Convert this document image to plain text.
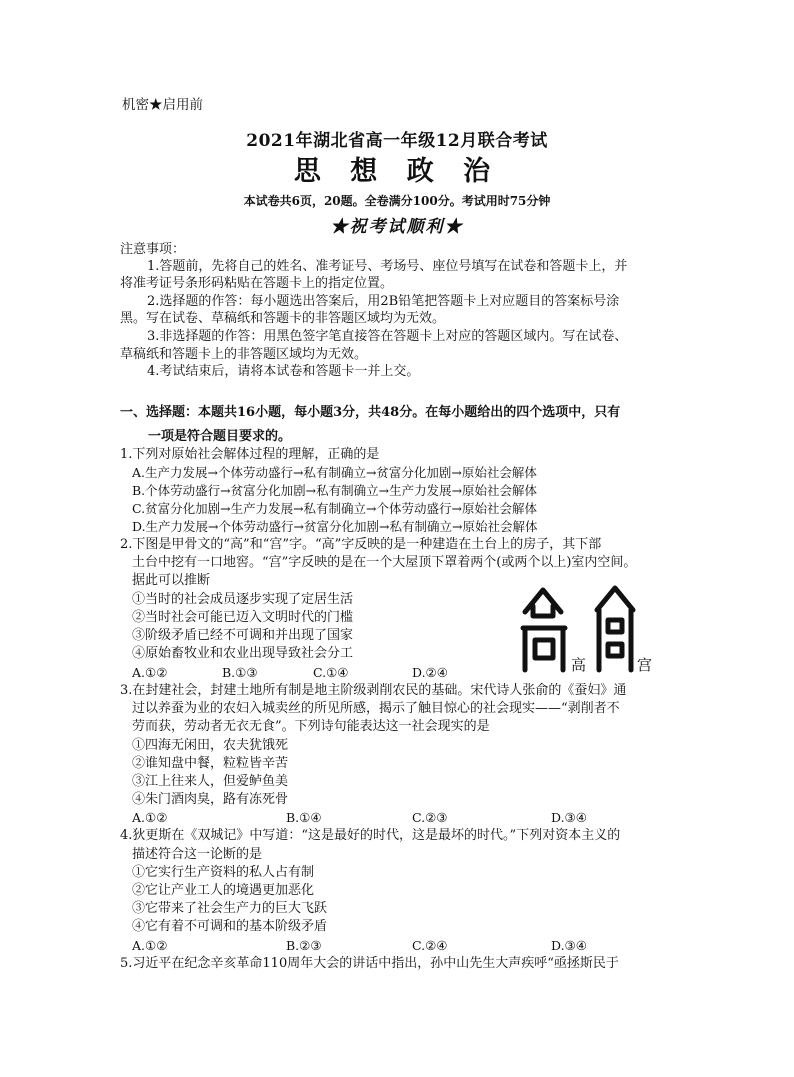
机密★启用前
2021年湖北省高一年级12月联合考试
思 想 政 治
本试卷共6页，20题。全卷满分100分。考试用时75分钟
★祝考试顺利★
注意事项：
1.答题前，先将自己的姓名、准考证号、考场号、座位号填写在试卷和答题卡上，并
将准考证号条形码粘贴在答题卡上的指定位置。
2.选择题的作答：每小题选出答案后，用2B铅笔把答题卡上对应题目的答案标号涂
黑。写在试卷、草稿纸和答题卡的非答题区域均为无效。
3.非选择题的作答：用黑色签字笔直接答在答题卡上对应的答题区域内。写在试卷、
草稿纸和答题卡上的非答题区域均为无效。
4.考试结束后，请将本试卷和答题卡一并上交。
一、选择题：本题共16小题，每小题3分，共48分。在每小题给出的四个选项中，只有
一项是符合题目要求的。
1.下列对原始社会解体过程的理解，正确的是
A.生产力发展→个体劳动盛行→私有制确立→贫富分化加剧→原始社会解体
B.个体劳动盛行→贫富分化加剧→私有制确立→生产力发展→原始社会解体
C.贫富分化加剧→生产力发展→私有制确立→个体劳动盛行→原始社会解体
D.生产力发展→个体劳动盛行→贫富分化加剧→私有制确立→原始社会解体
2.下图是甲骨文的“高”和“宫”字。“高”字反映的是一种建造在土台上的房子，其下部
土台中挖有一口地窖。“宫”字反映的是在一个大屋顶下罩着两个(或两个以上)室内空间。
据此可以推断
①当时的社会成员逐步实现了定居生活
②当时社会可能已迈入文明时代的门槛
③阶级矛盾已经不可调和并出现了国家
④原始畜牧业和农业出现导致社会分工
A.①②	B.①③	C.①④	D.②④	高	宫
3.在封建社会，封建土地所有制是地主阶级剥削农民的基础。宋代诗人张俞的《蚕妇》通
过以养蚕为业的农妇入城卖丝的所见所感，揭示了触目惊心的社会现实——“剥削者不
劳而获，劳动者无衣无食”。下列诗句能表达这一社会现实的是
①四海无闲田，农夫犹饿死
②谁知盘中餐，粒粒皆辛苦
③江上往来人，但爱鲈鱼美
④朱门酒肉臭，路有冻死骨
A.①②	B.①④	C.②③	D.③④
4.狄更斯在《双城记》中写道：“这是最好的时代，这是最坏的时代。”下列对资本主义的
描述符合这一论断的是
①它实行生产资料的私人占有制
②它让产业工人的境遇更加恶化
③它带来了社会生产力的巨大飞跃
④它有着不可调和的基本阶级矛盾
A.①②	B.②③	C.②④	D.③④
5.习近平在纪念辛亥革命110周年大会的讲话中指出，孙中山先生大声疾呼“亟拯斯民于
